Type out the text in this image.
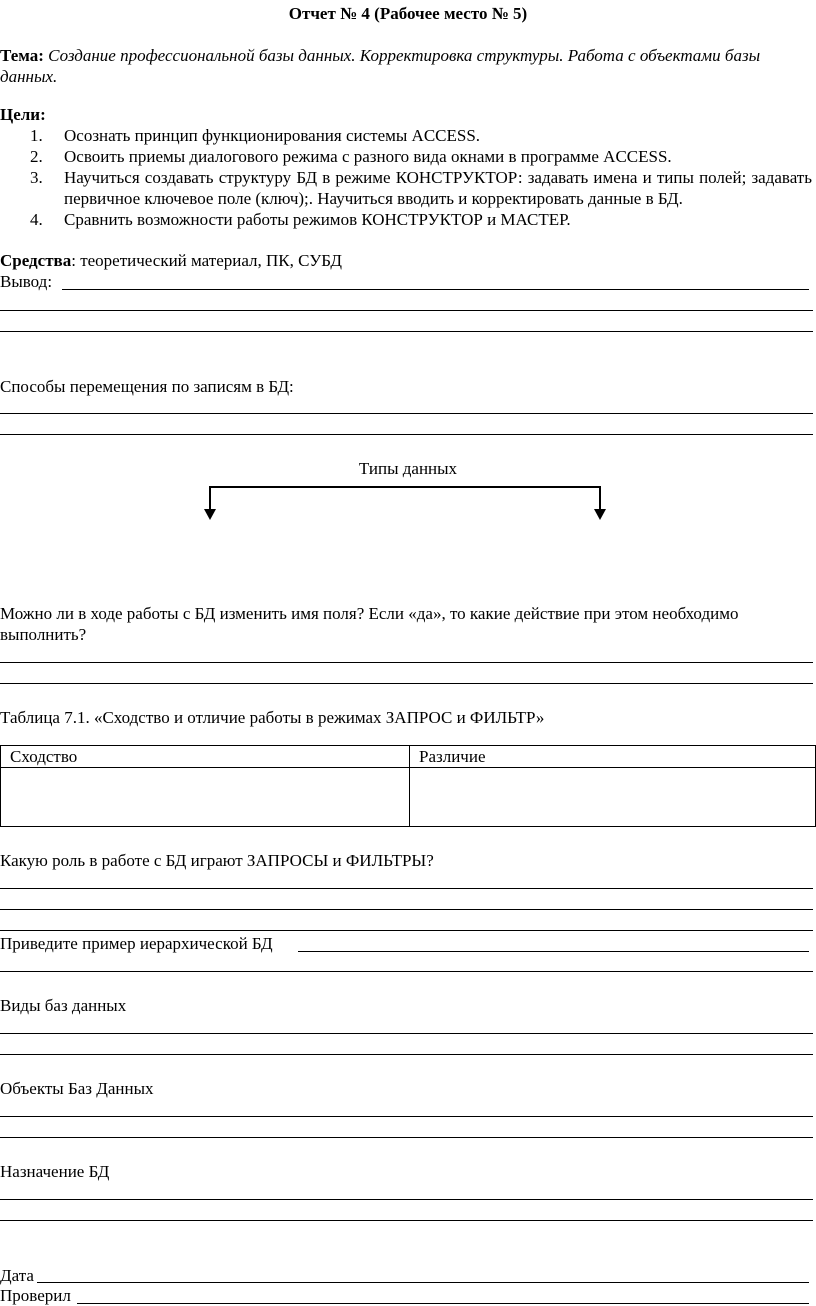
Отчет № 4 (Рабочее место № 5)
Тема: Создание профессиональной базы данных. Корректировка структуры. Работа с объектами базы
данных.
Цели:
1. Осознать принцип функционирования системы ACCESS.
2. Освоить приемы диалогового режима с разного вида окнами в программе ACCESS.
3. Научиться создавать структуру БД в режиме КОНСТРУКТОР: задавать имена и типы полей; задавать первичное ключевое поле (ключ);. Научиться вводить и корректировать данные в БД.
4. Сравнить возможности работы режимов КОНСТРУКТОР и МАСТЕР.
Средства: теоретический материал, ПК, СУБД
Вывод:
Способы перемещения по записям в БД:
Типы данных
Можно ли в ходе работы с БД изменить имя поля? Если «да», то какие действие при этом необходимо
выполнить?
Таблица 7.1. «Сходство и отличие работы в режимах ЗАПРОС и ФИЛЬТР»
Сходство	Различие

Какую роль в работе с БД играют ЗАПРОСЫ и ФИЛЬТРЫ?
Приведите пример иерархической БД
Виды баз данных
Объекты Баз Данных
Назначение БД
Дата
Проверил
